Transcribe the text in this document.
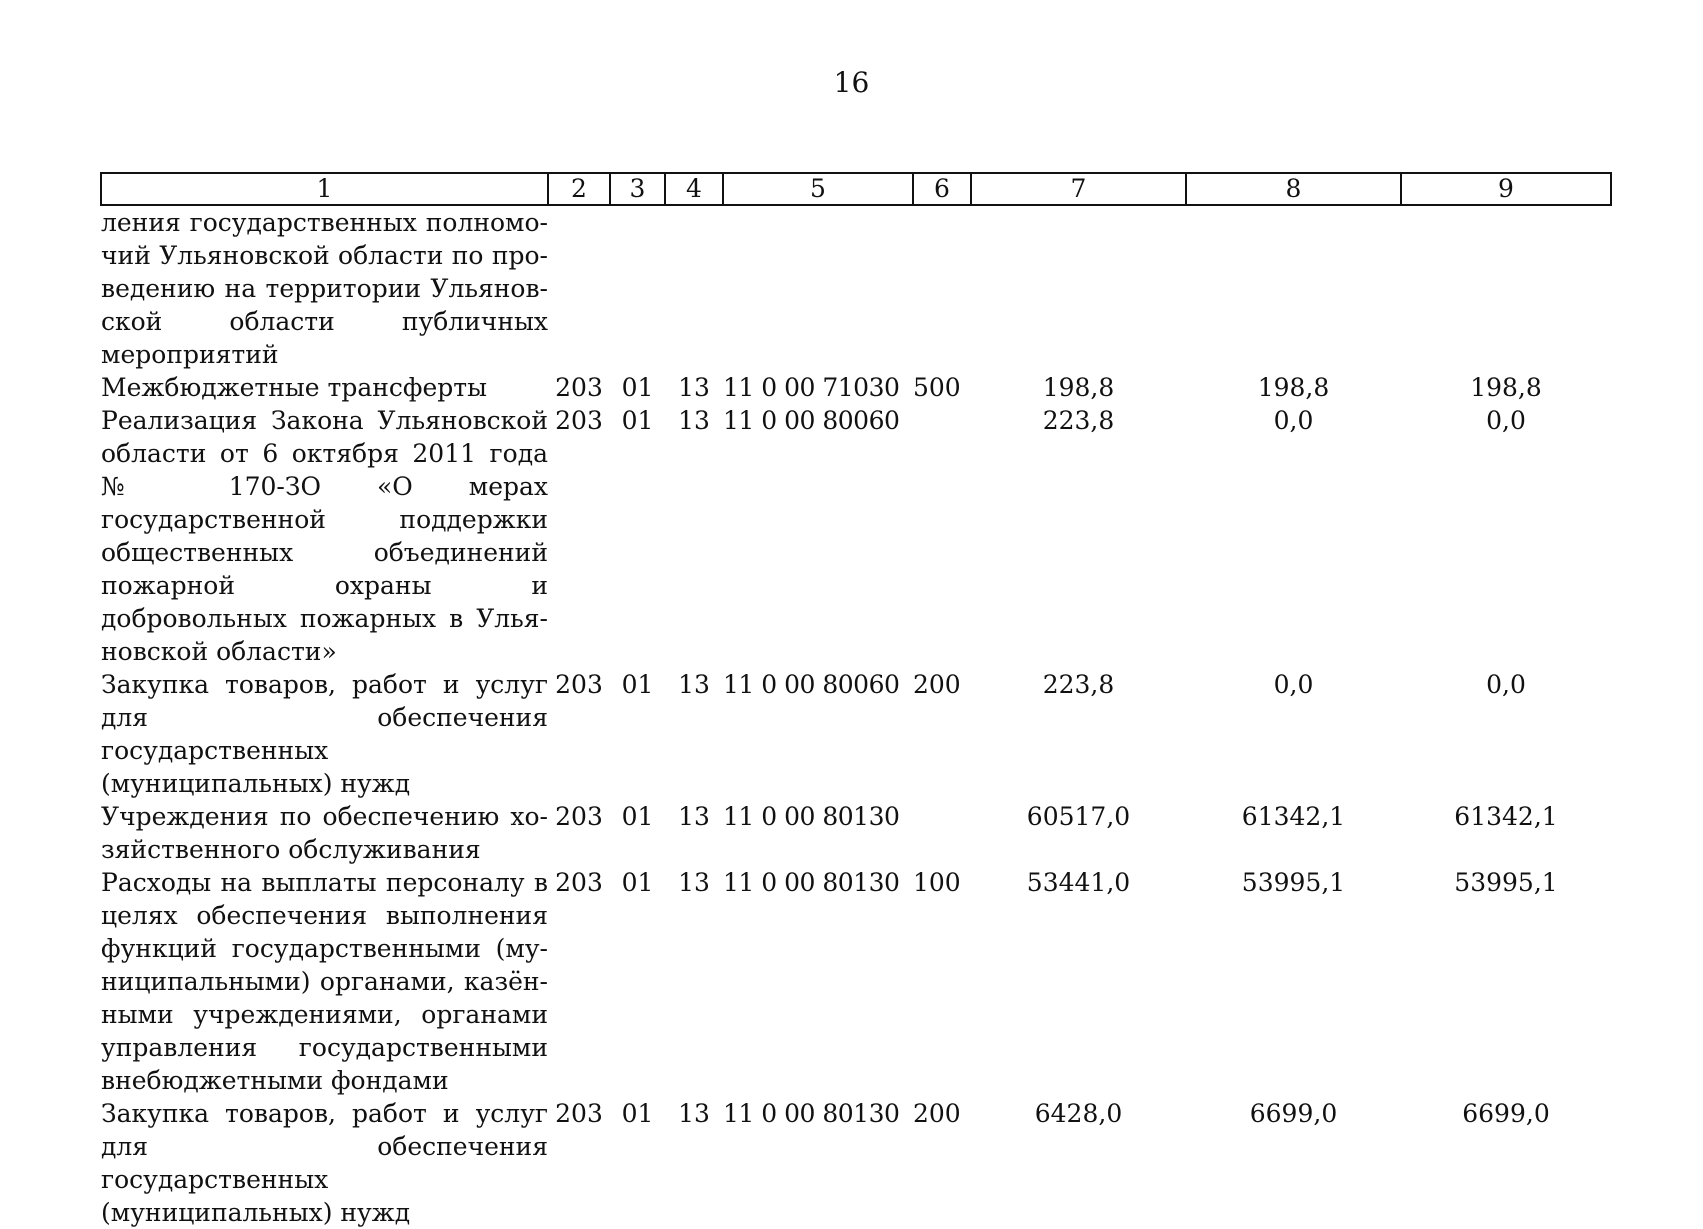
16
1	2	3	4	5	6	7	8	9
ления государственных полномочий Ульяновской области по проведению на территории Ульяновской области публичных мероприятий								
Межбюджетные трансферты	203	01	13	11 0 00 71030	500	198,8	198,8	198,8
Реализация Закона Ульяновской области от 6 октября 2011 года № 170-ЗО «О мерах государственной поддержки общественных объединений пожарной охраны и добровольных пожарных в Ульяновской области»	203	01	13	11 0 00 80060		223,8	0,0	0,0
Закупка товаров, работ и услуг для обеспечения государственных (муниципальных) нужд	203	01	13	11 0 00 80060	200	223,8	0,0	0,0
Учреждения по обеспечению хозяйственного обслуживания	203	01	13	11 0 00 80130		60517,0	61342,1	61342,1
Расходы на выплаты персоналу в целях обеспечения выполнения функций государственными (муниципальными) органами, казёнными учреждениями, органами управления государственными внебюджетными фондами	203	01	13	11 0 00 80130	100	53441,0	53995,1	53995,1
Закупка товаров, работ и услуг для обеспечения государственных (муниципальных) нужд	203	01	13	11 0 00 80130	200	6428,0	6699,0	6699,0
